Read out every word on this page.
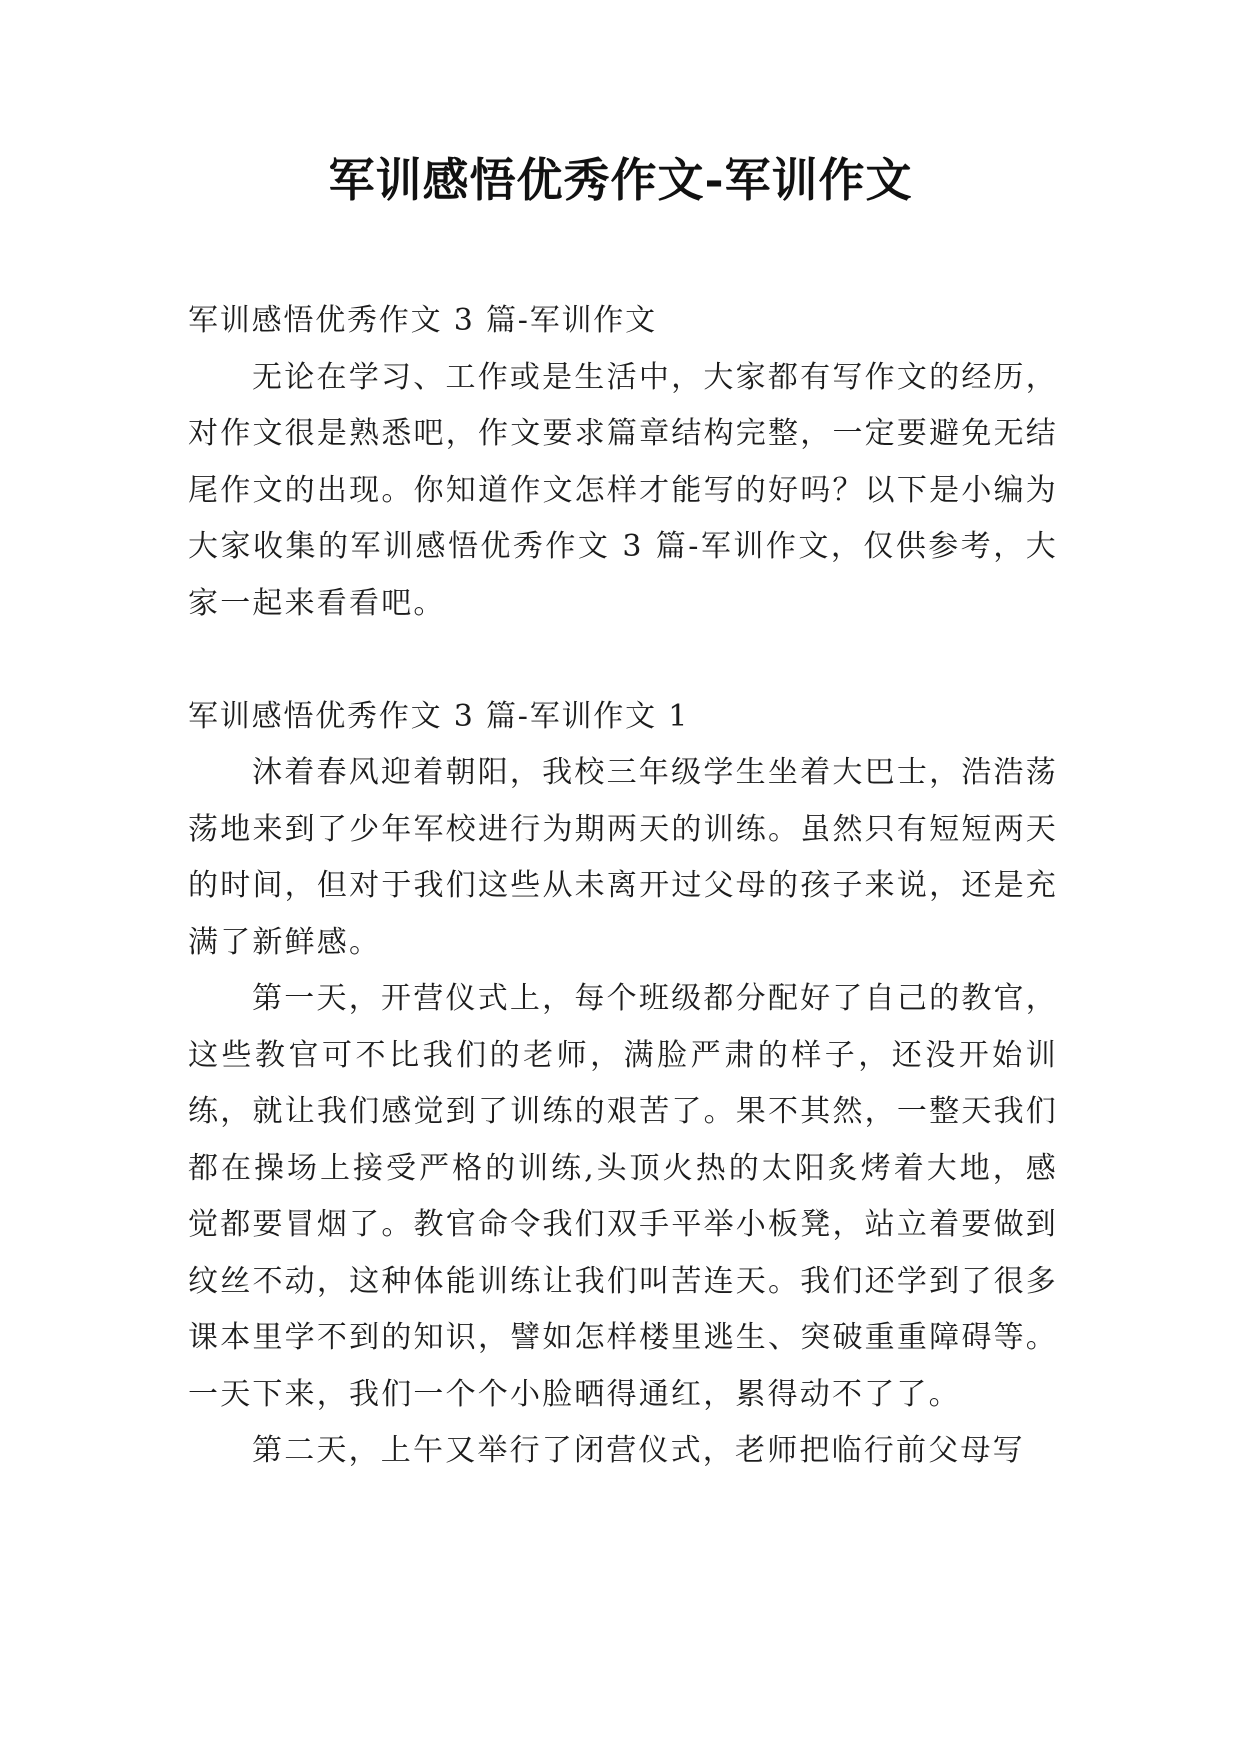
军训感悟优秀作文-军训作文

军训感悟优秀作文 3 篇-军训作文

无论在学习、工作或是生活中，大家都有写作文的经历，对作文很是熟悉吧，作文要求篇章结构完整，一定要避免无结尾作文的出现。你知道作文怎样才能写的好吗？以下是小编为大家收集的军训感悟优秀作文 3 篇-军训作文，仅供参考，大家一起来看看吧。

军训感悟优秀作文 3 篇-军训作文 1

沐着春风迎着朝阳，我校三年级学生坐着大巴士，浩浩荡荡地来到了少年军校进行为期两天的训练。虽然只有短短两天的时间，但对于我们这些从未离开过父母的孩子来说，还是充满了新鲜感。

第一天，开营仪式上，每个班级都分配好了自己的教官，这些教官可不比我们的老师，满脸严肃的样子，还没开始训练，就让我们感觉到了训练的艰苦了。果不其然，一整天我们都在操场上接受严格的训练,头顶火热的太阳炙烤着大地，感觉都要冒烟了。教官命令我们双手平举小板凳，站立着要做到纹丝不动，这种体能训练让我们叫苦连天。我们还学到了很多课本里学不到的知识，譬如怎样楼里逃生、突破重重障碍等。一天下来，我们一个个小脸晒得通红，累得动不了了。

第二天，上午又举行了闭营仪式，老师把临行前父母写
